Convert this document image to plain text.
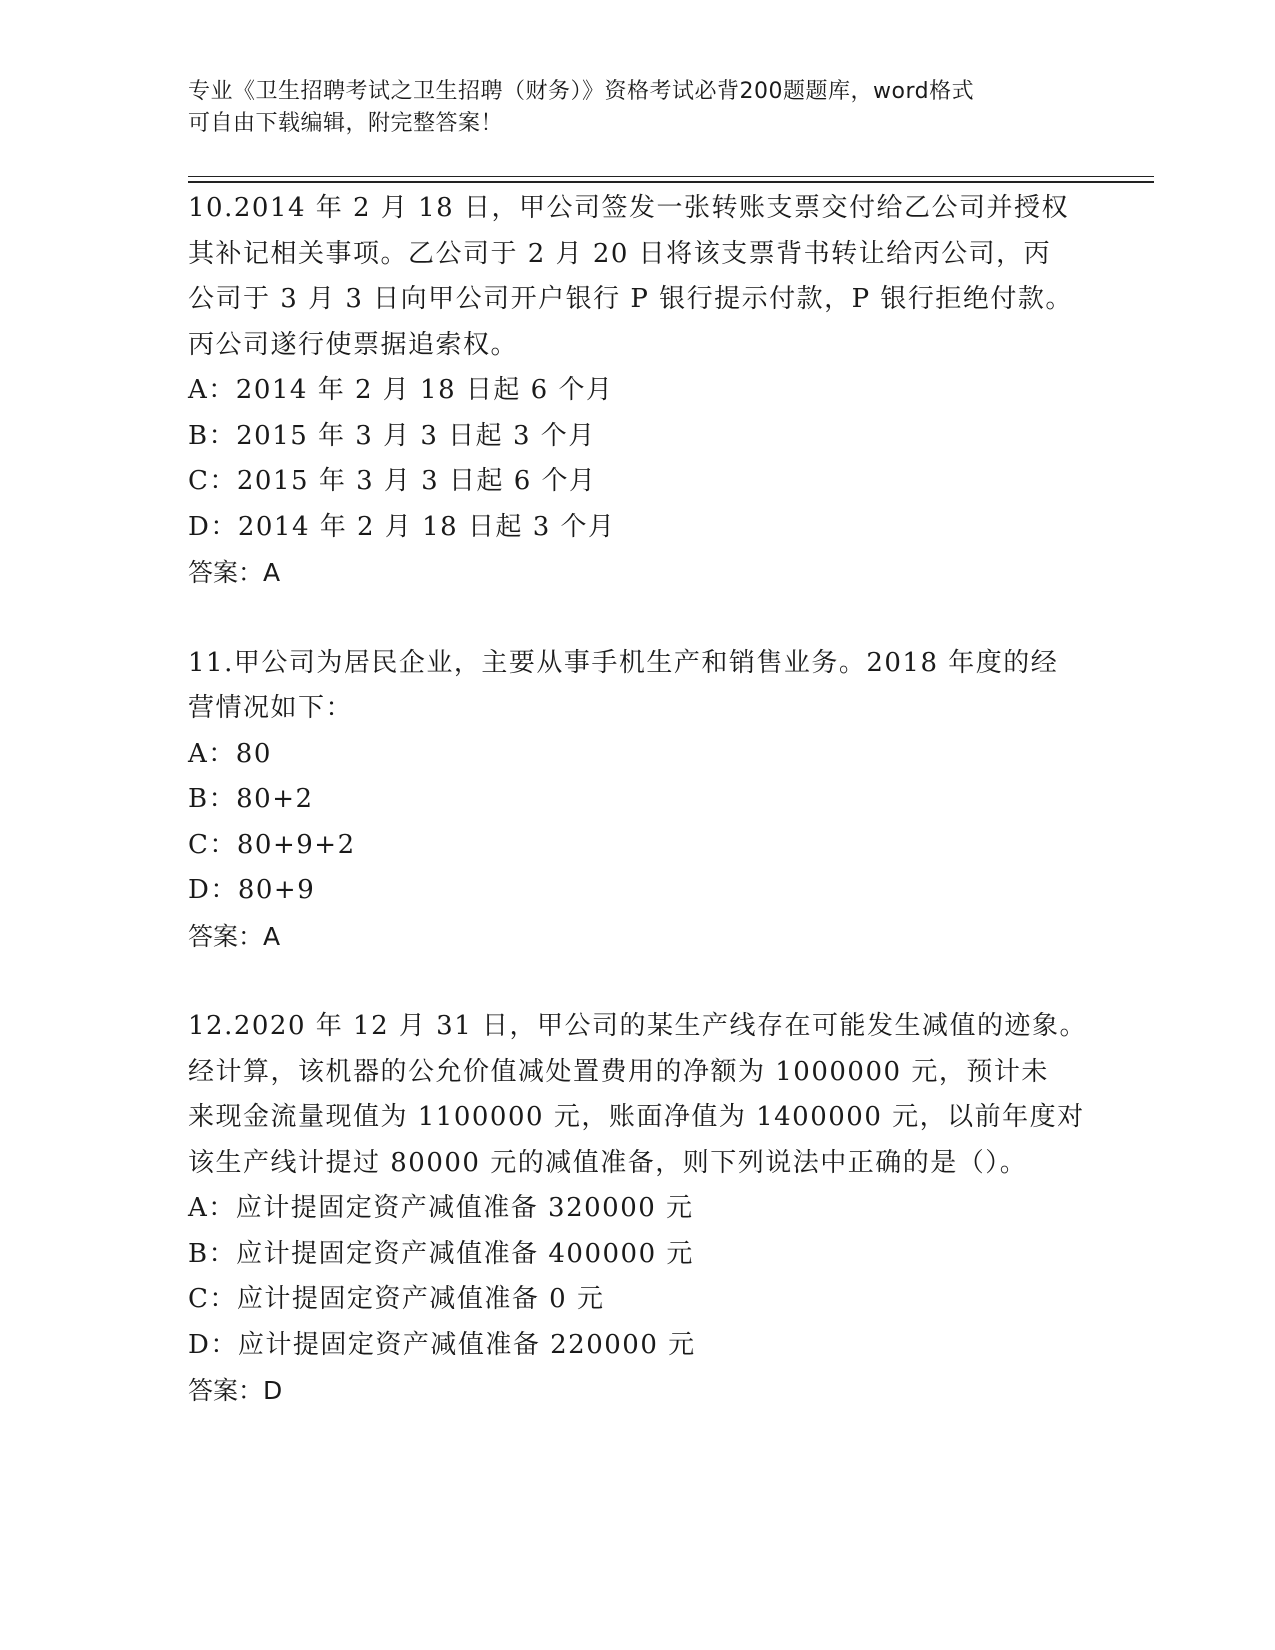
专业《卫生招聘考试之卫生招聘（财务）》资格考试必背200题题库，word格式
可自由下载编辑，附完整答案！

10.2014 年 2 月 18 日，甲公司签发一张转账支票交付给乙公司并授权

其补记相关事项。乙公司于 2 月 20 日将该支票背书转让给丙公司，丙

公司于 3 月 3 日向甲公司开户银行 P 银行提示付款，P 银行拒绝付款。

丙公司遂行使票据追索权。

A：2014 年 2 月 18 日起 6 个月

B：2015 年 3 月 3 日起 3 个月

C：2015 年 3 月 3 日起 6 个月

D：2014 年 2 月 18 日起 3 个月

答案：A

11.甲公司为居民企业，主要从事手机生产和销售业务。2018 年度的经

营情况如下：

A：80

B：80+2

C：80+9+2

D：80+9

答案：A

12.2020 年 12 月 31 日，甲公司的某生产线存在可能发生减值的迹象。

经计算，该机器的公允价值减处置费用的净额为 1000000 元，预计未

来现金流量现值为 1100000 元，账面净值为 1400000 元，以前年度对

该生产线计提过 80000 元的减值准备，则下列说法中正确的是（）。

A：应计提固定资产减值准备 320000 元

B：应计提固定资产减值准备 400000 元

C：应计提固定资产减值准备 0 元

D：应计提固定资产减值准备 220000 元

答案：D
